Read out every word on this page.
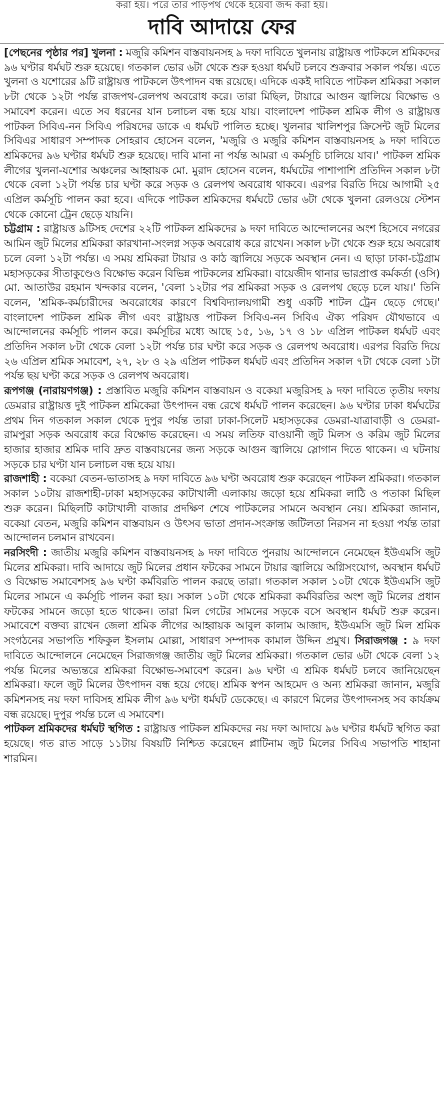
করা হয়। পরে তার পাড়পথ থেকে হয়েবা জব্দ করা হয়।
দাবি আদায়ে ফের

[পেছনের পৃষ্ঠার পর] খুলনা : মজুরি কমিশন বাস্তবায়নসহ ৯ দফা দাবিতে খুলনায় রাষ্ট্রায়ত্ত পাটকলে শ্রমিকদের ৯৬ ঘণ্টার ধর্মঘট শুরু হয়েছে। গতকাল ভোর ৬টা থেকে শুরু হওয়া ধর্মঘট চলবে শুক্রবার সকাল পর্যন্ত। এতে খুলনা ও যশোরের ৯টি রাষ্ট্রায়ত্ত পাটকলে উৎপাদন বন্ধ রয়েছে। এদিকে একই দাবিতে পাটকল শ্রমিকরা সকাল ৮টা থেকে ১২টা পর্যন্ত রাজপথ-রেলপথ অবরোধ করে। তারা মিছিল, টায়ারে আগুন জ্বালিয়ে বিক্ষোভ ও সমাবেশ করেন। এতে সব ধরনের যান চলাচল বন্ধ হয়ে যায়। বাংলাদেশ পাটকল শ্রমিক লীগ ও রাষ্ট্রায়ত্ত পাটকল সিবিএ-নন সিবিএ পরিষদের ডাকে এ ধর্মঘট পালিত হচ্ছে। খুলনার খালিশপুর ক্রিসেন্ট জুট মিলের সিবিএর সাধারণ সম্পাদক সোহরাব হোসেন বলেন, 'মজুরি ও মজুরি কমিশন বাস্তবায়নসহ ৯ দফা দাবিতে শ্রমিকদের ৯৬ ঘণ্টার ধর্মঘট শুরু হয়েছে। দাবি মানা না পর্যন্ত আমরা এ কর্মসূচি চালিয়ে যাব।' পাটকল শ্রমিক লীগের খুলনা-যশোর অঞ্চলের আহ্বায়ক মো. মুরাদ হোসেন বলেন, ধর্মঘটের পাশাপাশি প্রতিদিন সকাল ৮টা থেকে বেলা ১২টা পর্যন্ত চার ঘণ্টা করে সড়ক ও রেলপথ অবরোধ থাকবে। এরপর বিরতি দিয়ে আগামী ২৫ এপ্রিল কর্মসূচি পালন করা হবে। এদিকে পাটকল শ্রমিকদের ধর্মঘটে ভোর ৬টা থেকে খুলনা রেলওয়ে স্টেশন থেকে কোনো ট্রেন ছেড়ে যায়নি।

চট্টগ্রাম : রাষ্ট্রায়ত্ত ৯টিসহ দেশের ২২টি পাটকল শ্রমিকদের ৯ দফা দাবিতে আন্দোলনের অংশ হিসেবে নগরের আমিন জুট মিলের শ্রমিকরা কারখানা-সংলগ্ন সড়ক অবরোধ করে রাখেন। সকাল ৮টা থেকে শুরু হয়ে অবরোধ চলে বেলা ১২টা পর্যন্ত। এ সময় শ্রমিকরা টায়ার ও কাঠ জ্বালিয়ে সড়কে অবস্থান নেন। এ ছাড়া ঢাকা-চট্টগ্রাম মহাসড়কের সীতাকুণ্ডেও বিক্ষোভ করেন বিভিন্ন পাটকলের শ্রমিকরা। বায়েজীদ থানার ভারপ্রাপ্ত কর্মকর্তা (ওসি) মো. আতাউর রহমান খন্দকার বলেন, 'বেলা ১২টার পর শ্রমিকরা সড়ক ও রেলপথ ছেড়ে চলে যায়।' তিনি বলেন, 'শ্রমিক-কর্মচারীদের অবরোধের কারণে বিশ্ববিদ্যালয়গামী শুধু একটি শাটল ট্রেন ছেড়ে গেছে।' বাংলাদেশ পাটকল শ্রমিক লীগ এবং রাষ্ট্রায়ত্ত পাটকল সিবিএ-নন সিবিএ ঐক্য পরিষদ যৌথভাবে এ আন্দোলনের কর্মসূচি পালন করে। কর্মসূচির মধ্যে আছে ১৫, ১৬, ১৭ ও ১৮ এপ্রিল পাটকল ধর্মঘট এবং প্রতিদিন সকাল ৮টা থেকে বেলা ১২টা পর্যন্ত চার ঘণ্টা করে সড়ক ও রেলপথ অবরোধ। এরপর বিরতি দিয়ে ২৬ এপ্রিল শ্রমিক সমাবেশ, ২৭, ২৮ ও ২৯ এপ্রিল পাটকল ধর্মঘট এবং প্রতিদিন সকাল ৭টা থেকে বেলা ১টা পর্যন্ত ছয় ঘণ্টা করে সড়ক ও রেলপথ অবরোধ।

রূপগঞ্জ (নারায়ণগঞ্জ) : প্রস্তাবিত মজুরি কমিশন বাস্তবায়ন ও বকেয়া মজুরিসহ ৯ দফা দাবিতে তৃতীয় দফায় ডেমরার রাষ্ট্রায়ত্ত দুই পাটকল শ্রমিকেরা উৎপাদন বন্ধ রেখে ধর্মঘট পালন করেছেন। ৯৬ ঘণ্টার ঢাকা ধর্মঘটের প্রথম দিন গতকাল সকাল থেকে দুপুর পর্যন্ত তারা ঢাকা-সিলেট মহাসড়কের ডেমরা-যাত্রাবাড়ী ও ডেমরা-রামপুরা সড়ক অবরোধ করে বিক্ষোভ করেছেন। এ সময় লতিফ বাওয়ানী জুট মিলস ও করিম জুট মিলের হাজার হাজার শ্রমিক দাবি দ্রুত বাস্তবায়নের জন্য সড়কে আগুন জ্বালিয়ে স্লোগান দিতে থাকেন। এ ঘটনায় সড়কে চার ঘণ্টা যান চলাচল বন্ধ হয়ে যায়।

রাজশাহী : বকেয়া বেতন-ভাতাসহ ৯ দফা দাবিতে ৯৬ ঘণ্টা অবরোধ শুরু করেছেন পাটকল শ্রমিকরা। গতকাল সকাল ১০টায় রাজশাহী-ঢাকা মহাসড়কের কাটাখালী এলাকায় জড়ো হয়ে শ্রমিকরা লাঠি ও পতাকা মিছিল শুরু করেন। মিছিলটি কাটাখালী বাজার প্রদক্ষিণ শেষে পাটকলের সামনে অবস্থান নেয়। শ্রমিকরা জানান, বকেয়া বেতন, মজুরি কমিশন বাস্তবায়ন ও উৎসব ভাতা প্রদান-সংক্রান্ত জটিলতা নিরসন না হওয়া পর্যন্ত তারা আন্দোলন চলমান রাখবেন।

নরসিংদী : জাতীয় মজুরি কমিশন বাস্তবায়নসহ ৯ দফা দাবিতে পুনরায় আন্দোলনে নেমেছেন ইউএমসি জুট মিলের শ্রমিকরা। দাবি আদায়ে জুট মিলের প্রধান ফটকের সামনে টায়ার জ্বালিয়ে অগ্নিসংযোগ, অবস্থান ধর্মঘট ও বিক্ষোভ সমাবেশসহ ৯৬ ঘণ্টা কর্মবিরতি পালন করছে তারা। গতকাল সকাল ১০টা থেকে ইউএমসি জুট মিলের সামনে এ কর্মসূচি পালন করা হয়। সকাল ১০টা থেকে শ্রমিকরা কর্মবিরতির অংশ জুট মিলের প্রধান ফটকের সামনে জড়ো হতে থাকেন। তারা মিল গেটের সামনের সড়কে বসে অবস্থান ধর্মঘট শুরু করেন। সমাবেশে বক্তব্য রাখেন জেলা শ্রমিক লীগের আহ্বায়ক আবুল কালাম আজাদ, ইউএমসি জুট মিল শ্রমিক সংগঠনের সভাপতি শফিকুল ইসলাম মোল্লা, সাধারণ সম্পাদক কামাল উদ্দিন প্রমুখ। সিরাজগঞ্জ : ৯ দফা দাবিতে আন্দোলনে নেমেছেন সিরাজগঞ্জ জাতীয় জুট মিলের শ্রমিকরা। গতকাল ভোর ৬টা থেকে বেলা ১২ পর্যন্ত মিলের অভ্যন্তরে শ্রমিকরা বিক্ষোভ-সমাবেশ করেন। ৯৬ ঘণ্টা এ শ্রমিক ধর্মঘট চলবে জানিয়েছেন শ্রমিকরা। ফলে জুট মিলের উৎপাদন বন্ধ হয়ে গেছে। শ্রমিক স্বপন আহমেদ ও অন্য শ্রমিকরা জানান, মজুরি কমিশনসহ নয় দফা দাবিসহ শ্রমিক লীগ ৯৬ ঘণ্টা ধর্মঘট ডেকেছে। এ কারণে মিলের উৎপাদনসহ সব কার্যক্রম বন্ধ রয়েছে। দুপুর পর্যন্ত চলে এ সমাবেশ।

পাটকল শ্রমিকদের ধর্মঘট স্থগিত : রাষ্ট্রায়ত্ত পাটকল শ্রমিকদের নয় দফা আদায়ে ৯৬ ঘণ্টার ধর্মঘট স্থগিত করা হয়েছে। গত রাত সাড়ে ১১টায় বিষয়টি নিশ্চিত করেছেন প্লাটিনাম জুট মিলের সিবিএ সভাপতি শাহানা শারমিন।
